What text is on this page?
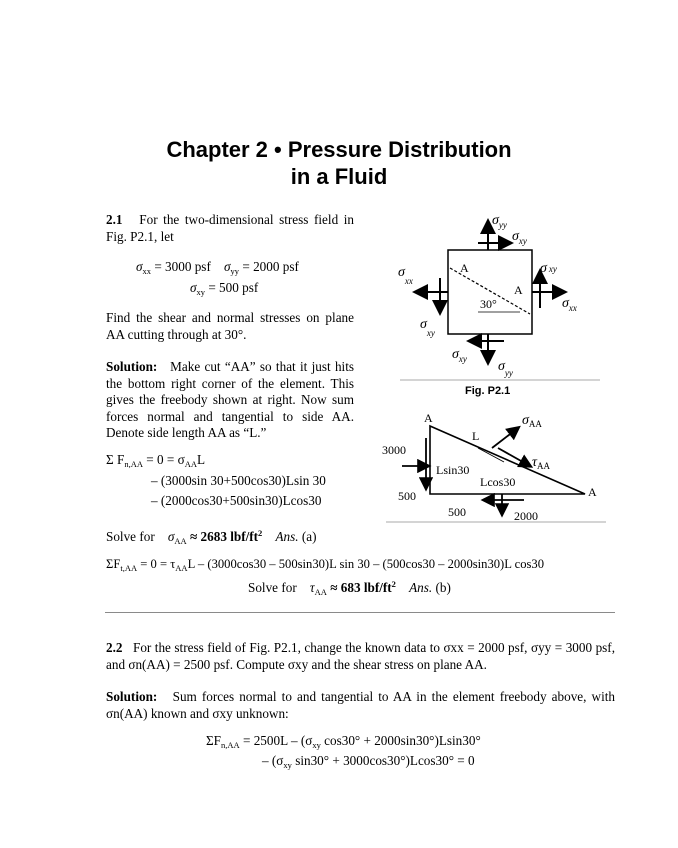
Chapter 2 • Pressure Distribution
in a Fluid
2.1 For the two-dimensional stress field in Fig. P2.1, let
$\sigma_{xx} = 3000$ psf $\sigma_{yy} = 2000$ psf
$\sigma_{xy} = 500$ psf
Find the shear and normal stresses on plane AA cutting through at 30°.
Solution: Make cut “AA” so that it just hits the bottom right corner of the element. This gives the freebody shown at right. Now sum forces normal and tangential to side AA. Denote side length AA as “L.”
Σ $F_{n,AA} = 0 = \sigma_{AA}L$
– (3000sin 30+500cos30)Lsin 30
– (2000cos30+500sin30)Lcos30
Solve for $\sigma_{AA} \approx 2683$ lbf/$ft^2$ Ans. (a)
$\Sigma F_{t,AA} = 0 = \tau_{AA}L - (3000\cos 30 - 500\sin 30)L$ sin 30 – (500cos30 – 2000sin30)L cos30
Solve for $\tau_{AA} \approx 683$ lbf/$ft^2$ Ans. (b)
$\sigma_{yy}$
$\sigma_{xy}$
$\sigma_{xx}$
$\sigma_{xy}$
σxy
$\sigma_{xx}$
$\sigma_{xy}$ $\sigma_{yy}$
A
A
30°
Fig. P2.1
A
A
L
$\sigma_{AA}$
$\tau_{AA}$
3000
500
500	2000
Lsin30
Lcos30
2.2 For the stress field of Fig. P2.1, change the known data to σxx = 2000 psf, σyy = 3000 psf, and σn(AA) = 2500 psf. Compute σxy and the shear stress on plane AA.
Solution: Sum forces normal to and tangential to AA in the element freebody above, with σn(AA) known and σxy unknown:
$\Sigma F_{n,AA} = 2500L - (\sigma_{xy}$ cos30° + 2000sin30°)Lsin30°
– ($\sigma_{xy}$ sin30° + 3000cos30°)Lcos30° = 0
